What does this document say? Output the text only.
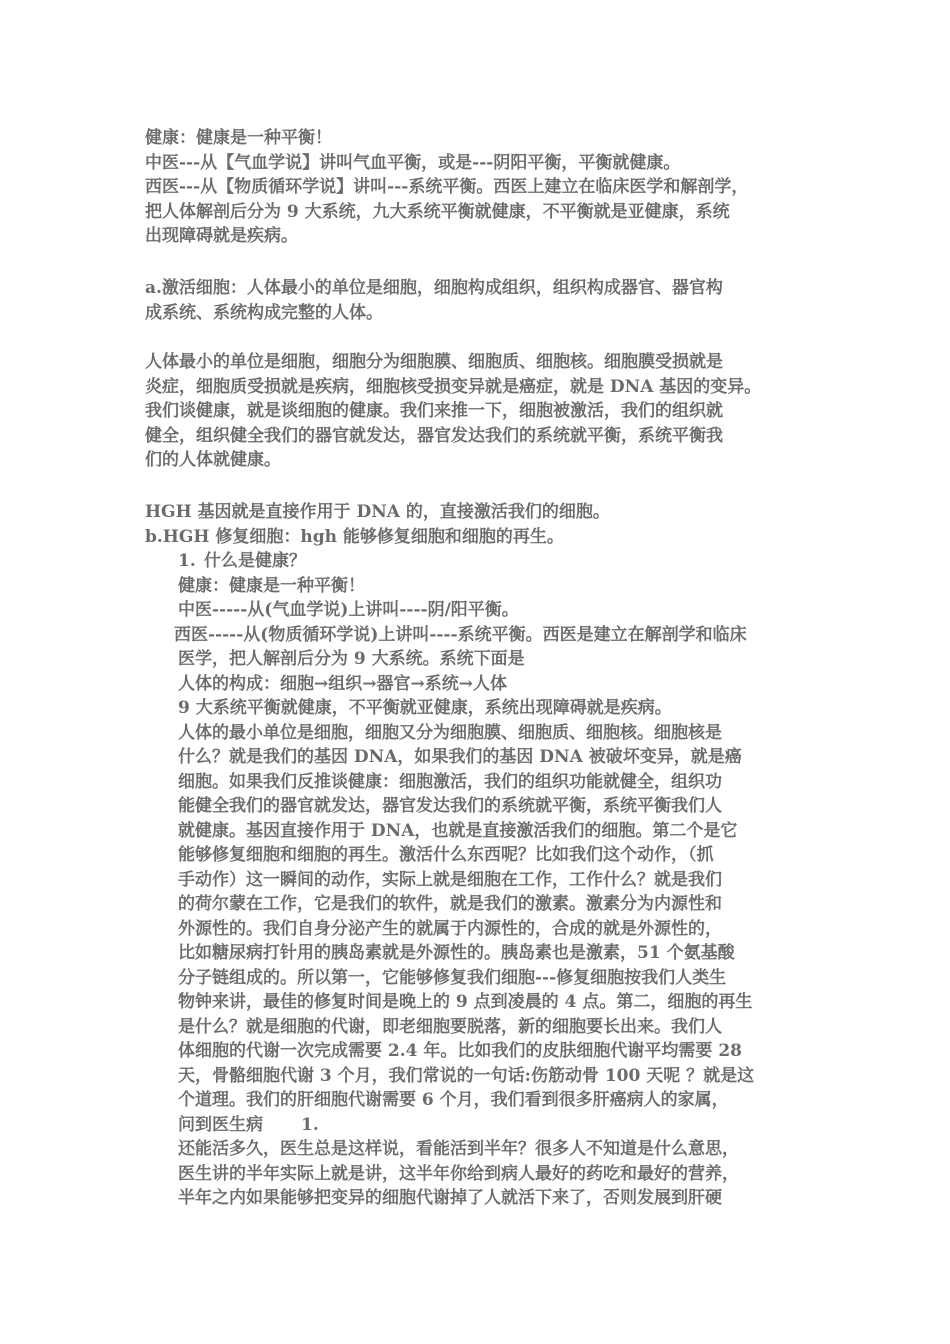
健康：健康是一种平衡！

中医---从【气血学说】讲叫气血平衡，或是---阴阳平衡，平衡就健康。

西医---从【物质循环学说】讲叫---系统平衡。西医上建立在临床医学和解剖学，

把人体解剖后分为 9 大系统，九大系统平衡就健康，不平衡就是亚健康，系统

出现障碍就是疾病。

a.激活细胞：人体最小的单位是细胞，细胞构成组织，组织构成器官、器官构

成系统、系统构成完整的人体。

人体最小的单位是细胞，细胞分为细胞膜、细胞质、细胞核。细胞膜受损就是

炎症，细胞质受损就是疾病，细胞核受损变异就是癌症，就是 DNA 基因的变异。

我们谈健康，就是谈细胞的健康。我们来推一下，细胞被激活，我们的组织就

健全，组织健全我们的器官就发达，器官发达我们的系统就平衡，系统平衡我

们的人体就健康。

HGH 基因就是直接作用于 DNA 的，直接激活我们的细胞。

b.HGH 修复细胞：hgh 能够修复细胞和细胞的再生。

1. 什么是健康？

健康：健康是一种平衡！

中医-----从(气血学说)上讲叫----阴/阳平衡。

西医-----从(物质循环学说)上讲叫----系统平衡。西医是建立在解剖学和临床

医学，把人解剖后分为 9 大系统。系统下面是

人体的构成：细胞→组织→器官→系统→人体

9 大系统平衡就健康，不平衡就亚健康，系统出现障碍就是疾病。

人体的最小单位是细胞，细胞又分为细胞膜、细胞质、细胞核。细胞核是

什么？就是我们的基因 DNA，如果我们的基因 DNA 被破坏变异，就是癌

细胞。如果我们反推谈健康：细胞激活，我们的组织功能就健全，组织功

能健全我们的器官就发达，器官发达我们的系统就平衡，系统平衡我们人

就健康。基因直接作用于 DNA，也就是直接激活我们的细胞。第二个是它

能够修复细胞和细胞的再生。激活什么东西呢？比如我们这个动作，（抓

手动作）这一瞬间的动作，实际上就是细胞在工作，工作什么？就是我们

的荷尔蒙在工作，它是我们的软件，就是我们的激素。激素分为内源性和

外源性的。我们自身分泌产生的就属于内源性的，合成的就是外源性的，

比如糖尿病打针用的胰岛素就是外源性的。胰岛素也是激素，51 个氨基酸

分子链组成的。所以第一，它能够修复我们细胞---修复细胞按我们人类生

物钟来讲，最佳的修复时间是晚上的 9 点到凌晨的 4 点。第二，细胞的再生

是什么？就是细胞的代谢，即老细胞要脱落，新的细胞要长出来。我们人

体细胞的代谢一次完成需要 2.4 年。比如我们的皮肤细胞代谢平均需要 28

天，骨骼细胞代谢 3 个月，我们常说的一句话:伤筋动骨 100 天呢 ？就是这

个道理。我们的肝细胞代谢需要 6 个月，我们看到很多肝癌病人的家属，

问到医生病 1.

还能活多久，医生总是这样说，看能活到半年？很多人不知道是什么意思，

医生讲的半年实际上就是讲，这半年你给到病人最好的药吃和最好的营养，

半年之内如果能够把变异的细胞代谢掉了人就活下来了，否则发展到肝硬
